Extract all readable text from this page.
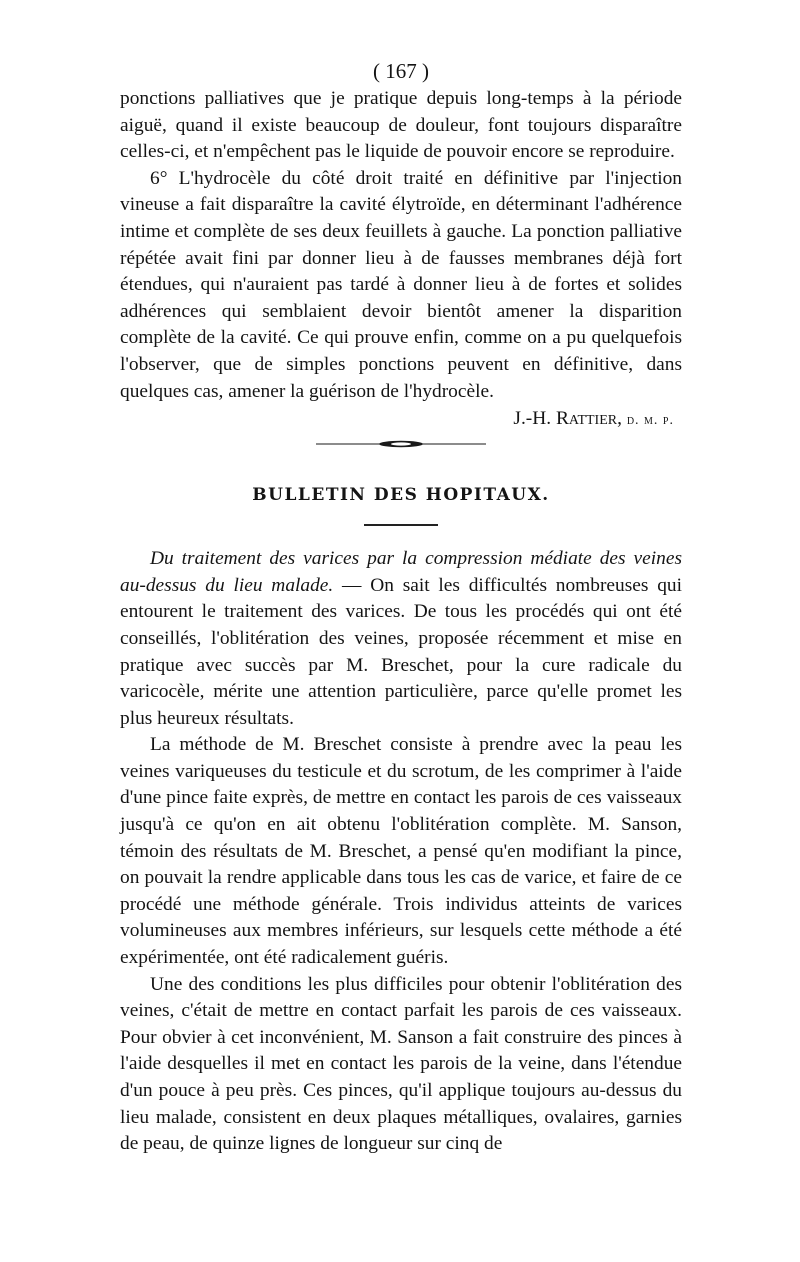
( 167 )

ponctions palliatives que je pratique depuis long-temps à la période aiguë, quand il existe beaucoup de douleur, font toujours disparaître celles-ci, et n'empêchent pas le liquide de pouvoir encore se reproduire.

6° L'hydrocèle du côté droit traité en définitive par l'injection vineuse a fait disparaître la cavité élytroïde, en déterminant l'adhérence intime et complète de ses deux feuillets à gauche. La ponction palliative répétée avait fini par donner lieu à de fausses membranes déjà fort étendues, qui n'auraient pas tardé à donner lieu à de fortes et solides adhérences qui semblaient devoir bientôt amener la disparition complète de la cavité. Ce qui prouve enfin, comme on a pu quelquefois l'observer, que de simples ponctions peuvent en définitive, dans quelques cas, amener la guérison de l'hydrocèle.

J.-H. Rattier, d. m. p.
BULLETIN DES HOPITAUX.

Du traitement des varices par la compression médiate des veines au-dessus du lieu malade. — On sait les difficultés nombreuses qui entourent le traitement des varices. De tous les procédés qui ont été conseillés, l'oblitération des veines, proposée récemment et mise en pratique avec succès par M. Breschet, pour la cure radicale du varicocèle, mérite une attention particulière, parce qu'elle promet les plus heureux résultats.

La méthode de M. Breschet consiste à prendre avec la peau les veines variqueuses du testicule et du scrotum, de les comprimer à l'aide d'une pince faite exprès, de mettre en contact les parois de ces vaisseaux jusqu'à ce qu'on en ait obtenu l'oblitération complète. M. Sanson, témoin des résultats de M. Breschet, a pensé qu'en modifiant la pince, on pouvait la rendre applicable dans tous les cas de varice, et faire de ce procédé une méthode générale. Trois individus atteints de varices volumineuses aux membres inférieurs, sur lesquels cette méthode a été expérimentée, ont été radicalement guéris.

Une des conditions les plus difficiles pour obtenir l'oblitération des veines, c'était de mettre en contact parfait les parois de ces vaisseaux. Pour obvier à cet inconvénient, M. Sanson a fait construire des pinces à l'aide desquelles il met en contact les parois de la veine, dans l'étendue d'un pouce à peu près. Ces pinces, qu'il applique toujours au-dessus du lieu malade, consistent en deux plaques métalliques, ovalaires, garnies de peau, de quinze lignes de longueur sur cinq de
